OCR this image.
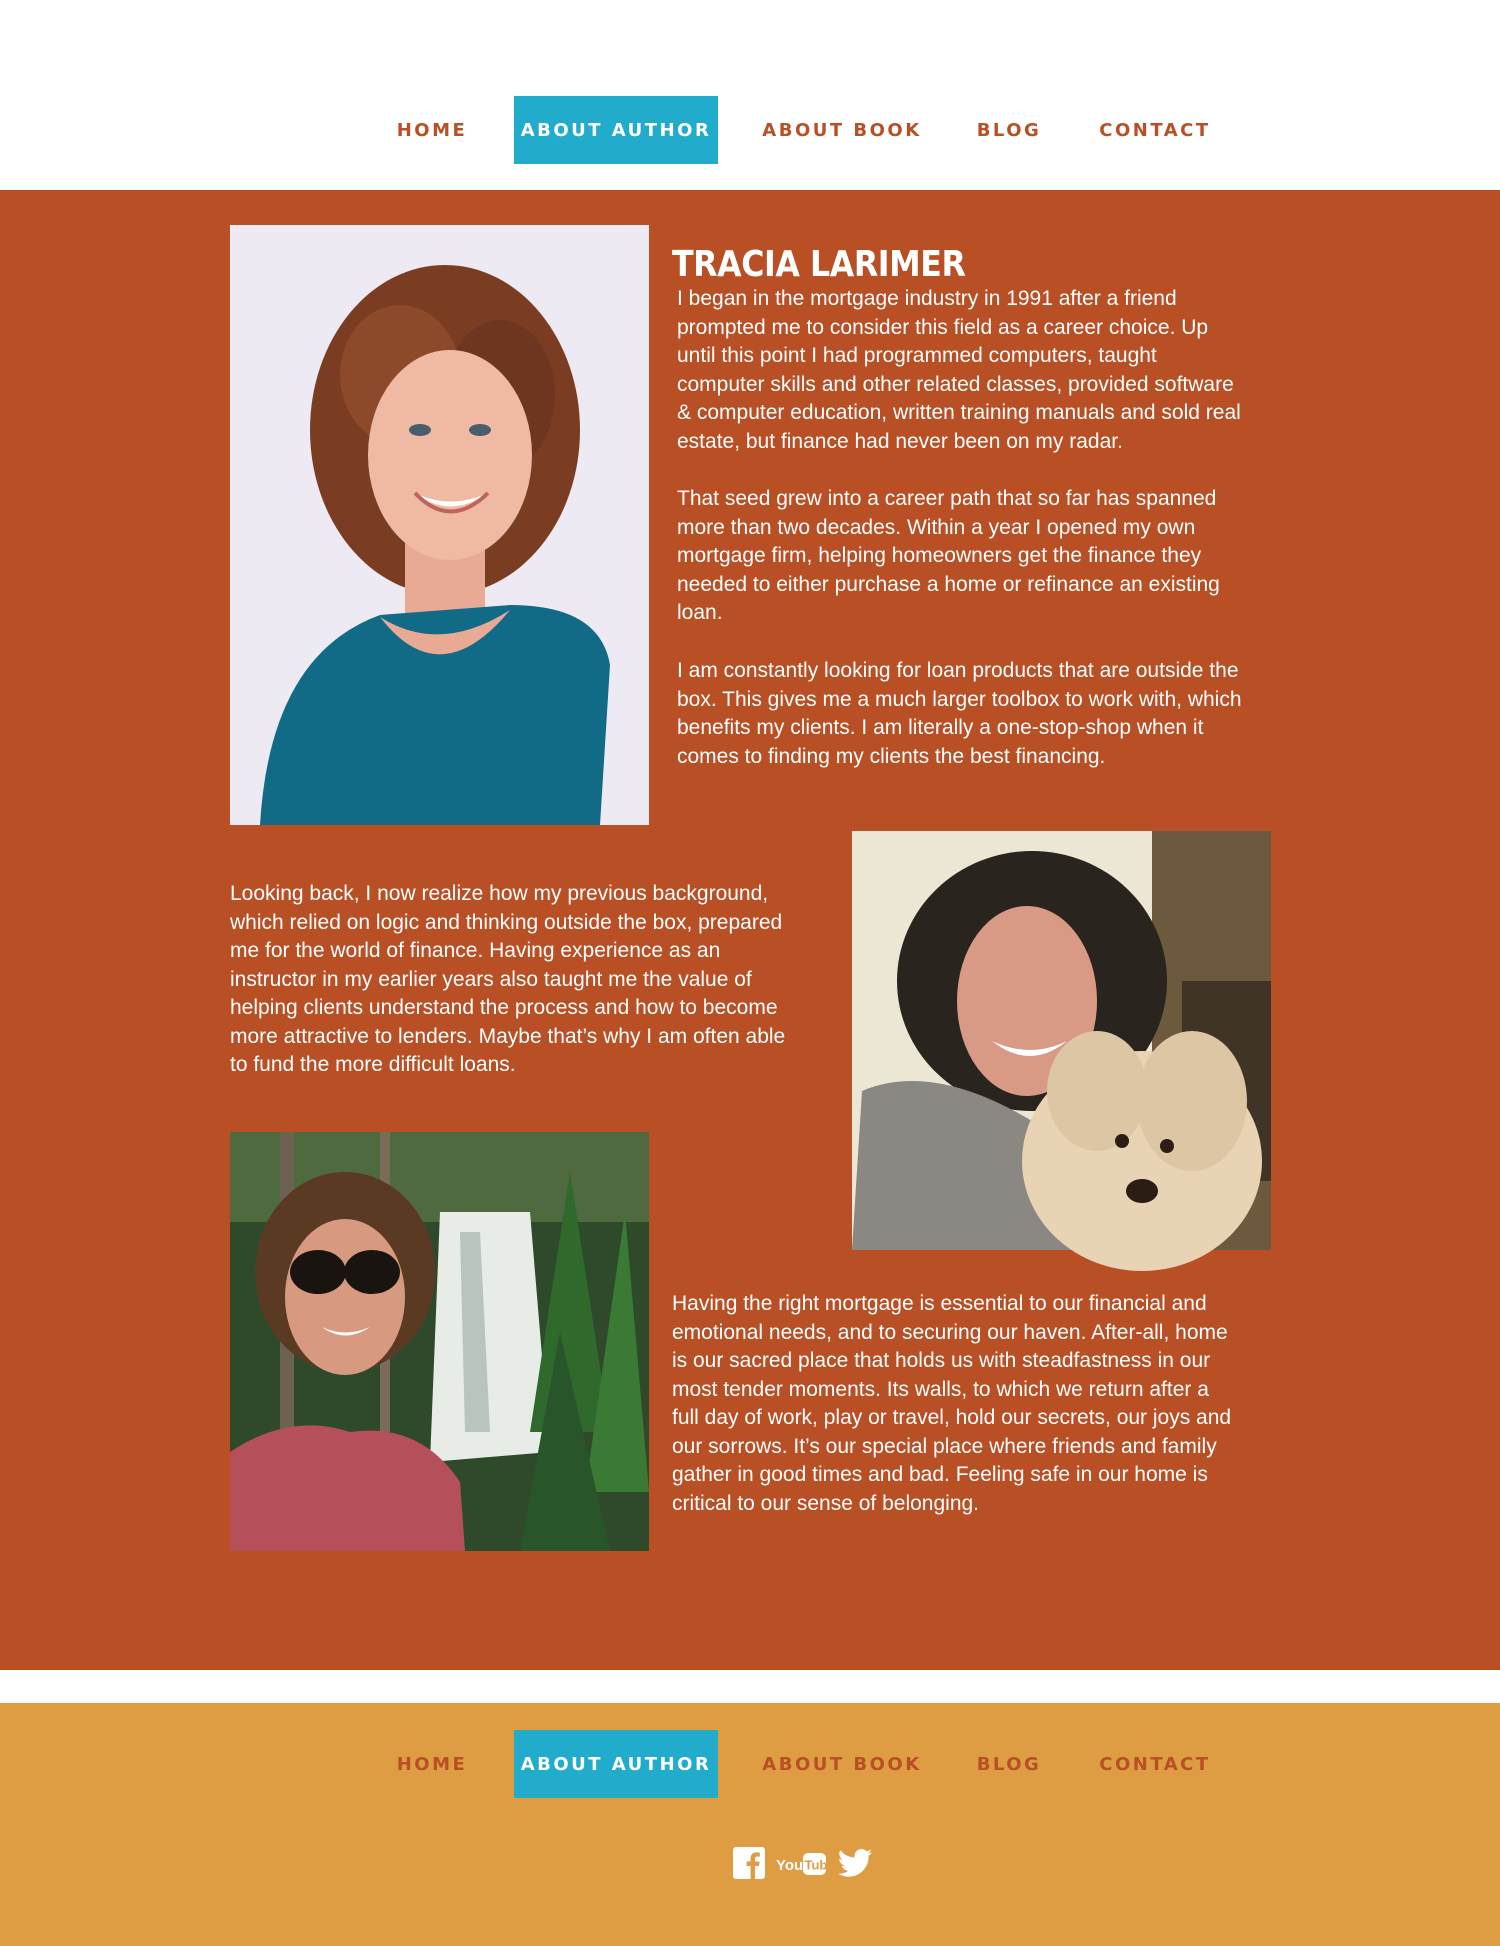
HOME	ABOUT AUTHOR	ABOUT BOOK	BLOG	CONTACT
TRACIA LARIMER

I began in the mortgage industry in 1991 after a friend
prompted me to consider this field as a career choice. Up
until this point I had programmed computers, taught
computer skills and other related classes, provided software
& computer education, written training manuals and sold real
estate, but finance had never been on my radar.

That seed grew into a career path that so far has spanned
more than two decades. Within a year I opened my own
mortgage firm, helping homeowners get the finance they
needed to either purchase a home or refinance an existing
loan.

I am constantly looking for loan products that are outside the
box. This gives me a much larger toolbox to work with, which
benefits my clients. I am literally a one-stop-shop when it
comes to finding my clients the best financing.

Looking back, I now realize how my previous background,
which relied on logic and thinking outside the box, prepared
me for the world of finance. Having experience as an
instructor in my earlier years also taught me the value of
helping clients understand the process and how to become
more attractive to lenders. Maybe that’s why I am often able
to fund the more difficult loans.

Having the right mortgage is essential to our financial and
emotional needs, and to securing our haven. After-all, home
is our sacred place that holds us with steadfastness in our
most tender moments. Its walls, to which we return after a
full day of work, play or travel, hold our secrets, our joys and
our sorrows. It’s our special place where friends and family
gather in good times and bad. Feeling safe in our home is
critical to our sense of belonging.

HOME	ABOUT AUTHOR	ABOUT BOOK	BLOG	CONTACT
You Tube
